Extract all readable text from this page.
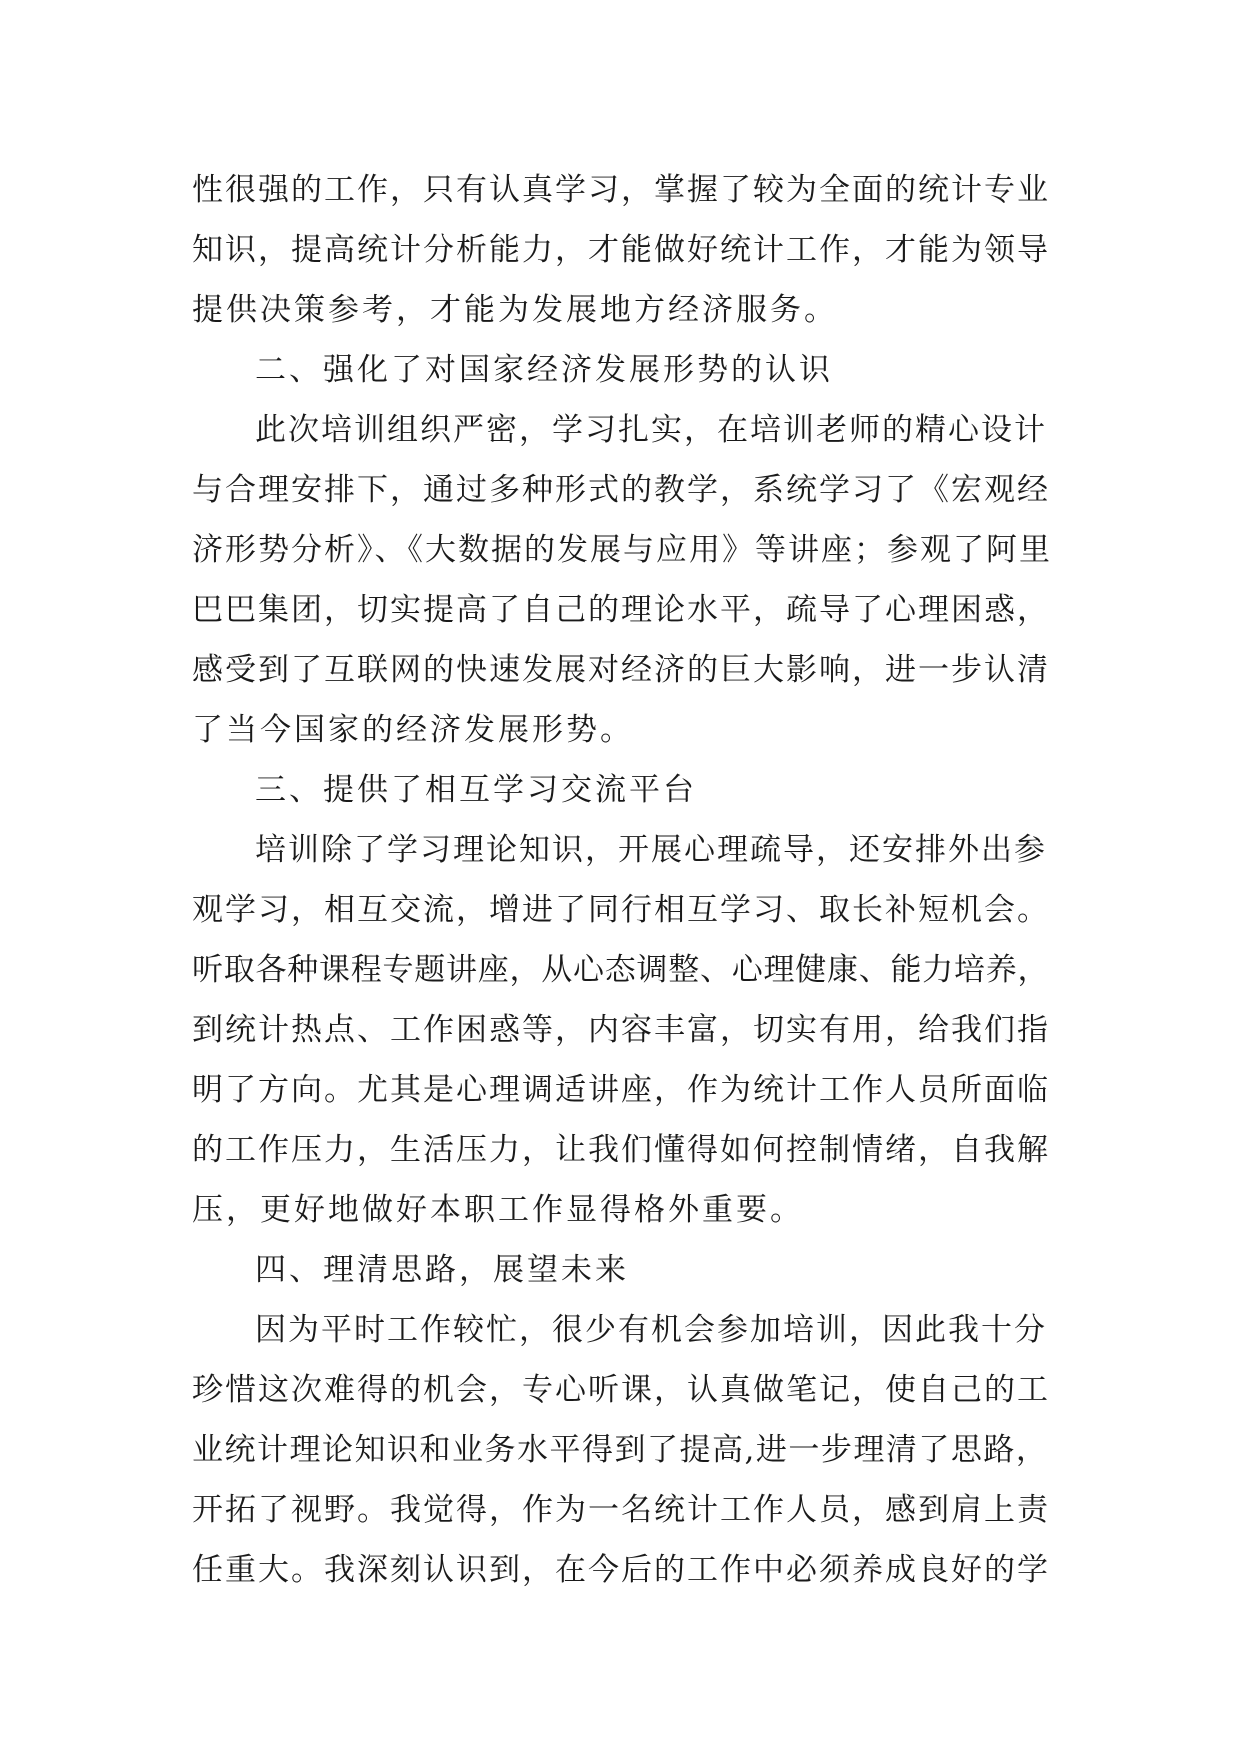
性很强的工作，只有认真学习，掌握了较为全面的统计专业
知识，提高统计分析能力，才能做好统计工作，才能为领导
提供决策参考，才能为发展地方经济服务。
二、强化了对国家经济发展形势的认识
此次培训组织严密，学习扎实，在培训老师的精心设计
与合理安排下，通过多种形式的教学，系统学习了《宏观经
济形势分析》、《大数据的发展与应用》等讲座；参观了阿里
巴巴集团，切实提高了自己的理论水平，疏导了心理困惑，
感受到了互联网的快速发展对经济的巨大影响，进一步认清
了当今国家的经济发展形势。
三、提供了相互学习交流平台
培训除了学习理论知识，开展心理疏导，还安排外出参
观学习，相互交流，增进了同行相互学习、取长补短机会。
听取各种课程专题讲座，从心态调整、心理健康、能力培养，
到统计热点、工作困惑等，内容丰富，切实有用，给我们指
明了方向。尤其是心理调适讲座，作为统计工作人员所面临
的工作压力，生活压力，让我们懂得如何控制情绪，自我解
压，更好地做好本职工作显得格外重要。
四、理清思路，展望未来
因为平时工作较忙，很少有机会参加培训，因此我十分
珍惜这次难得的机会，专心听课，认真做笔记，使自己的工
业统计理论知识和业务水平得到了提高,进一步理清了思路，
开拓了视野。我觉得，作为一名统计工作人员，感到肩上责
任重大。我深刻认识到，在今后的工作中必须养成良好的学
